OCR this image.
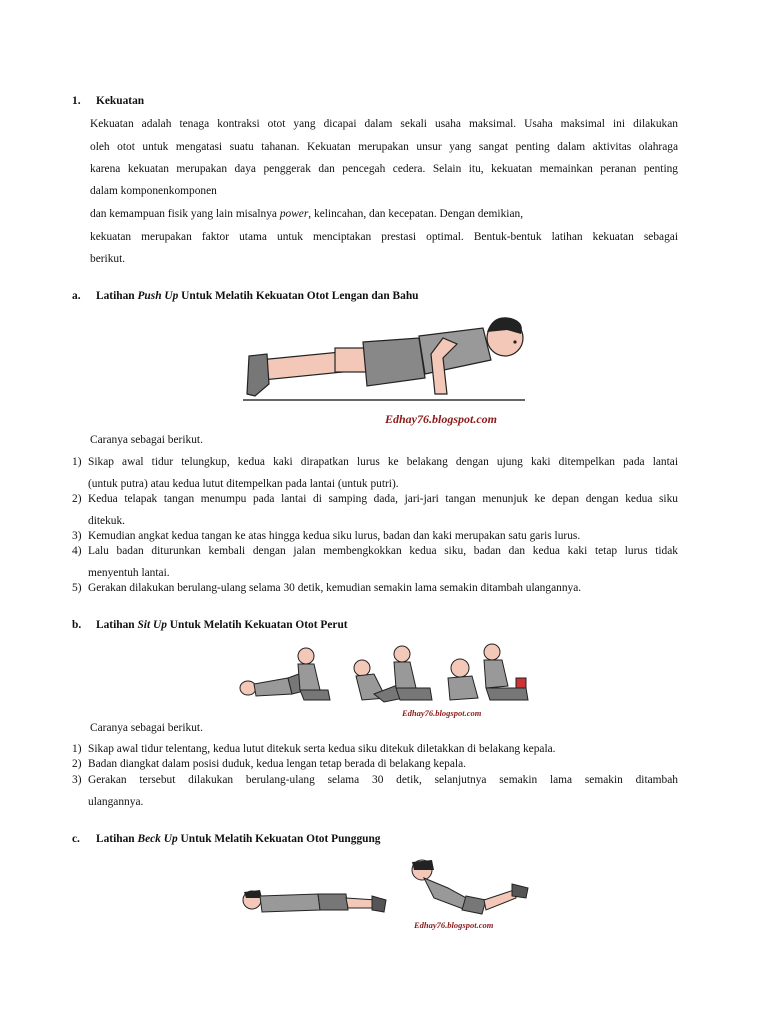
1. Kekuatan
Kekuatan adalah tenaga kontraksi otot yang dicapai dalam sekali usaha maksimal. Usaha maksimal ini dilakukan
oleh otot untuk mengatasi suatu tahanan. Kekuatan merupakan unsur yang sangat penting dalam aktivitas olahraga
karena kekuatan merupakan daya penggerak dan pencegah cedera. Selain itu, kekuatan memainkan peranan penting
dalam komponenkomponen
dan kemampuan fisik yang lain misalnya power, kelincahan, dan kecepatan. Dengan demikian,
kekuatan merupakan faktor utama untuk menciptakan prestasi optimal. Bentuk-bentuk latihan kekuatan sebagai
berikut.
a. Latihan Push Up Untuk Melatih Kekuatan Otot Lengan dan Bahu
Edhay76.blogspot.com
Caranya sebagai berikut.
1) Sikap awal tidur telungkup, kedua kaki dirapatkan lurus ke belakang dengan ujung kaki ditempelkan pada lantai
(untuk putra) atau kedua lutut ditempelkan pada lantai (untuk putri).
2) Kedua telapak tangan menumpu pada lantai di samping dada, jari-jari tangan menunjuk ke depan dengan kedua siku
ditekuk.
3) Kemudian angkat kedua tangan ke atas hingga kedua siku lurus, badan dan kaki merupakan satu garis lurus.
4) Lalu badan diturunkan kembali dengan jalan membengkokkan kedua siku, badan dan kedua kaki tetap lurus tidak
menyentuh lantai.
5) Gerakan dilakukan berulang-ulang selama 30 detik, kemudian semakin lama semakin ditambah ulangannya.
b. Latihan Sit Up Untuk Melatih Kekuatan Otot Perut
Edhay76.blogspot.com
Caranya sebagai berikut.
1) Sikap awal tidur telentang, kedua lutut ditekuk serta kedua siku ditekuk diletakkan di belakang kepala.
2) Badan diangkat dalam posisi duduk, kedua lengan tetap berada di belakang kepala.
3) Gerakan tersebut dilakukan berulang-ulang selama 30 detik, selanjutnya semakin lama semakin ditambah
ulangannya.
c. Latihan Beck Up Untuk Melatih Kekuatan Otot Punggung
Edhay76.blogspot.com
